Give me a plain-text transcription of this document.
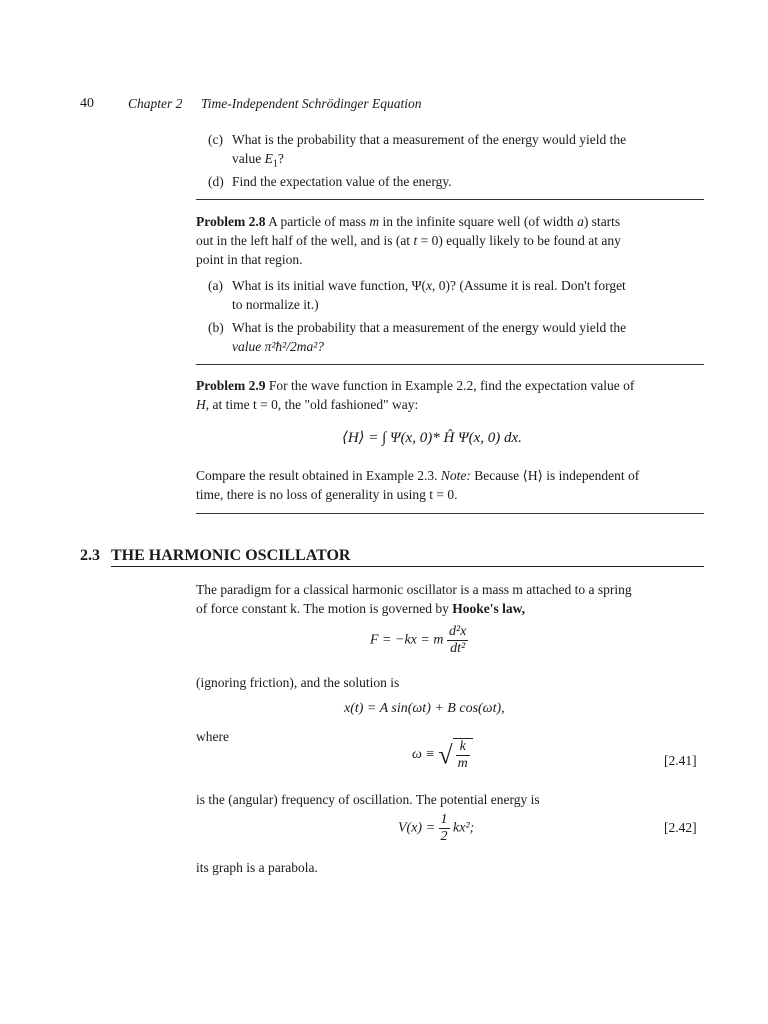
40	Chapter 2 Time-Independent Schrödinger Equation
(c) What is the probability that a measurement of the energy would yield the
value $E_1$?
(d) Find the expectation value of the energy.
Problem 2.8 A particle of mass m in the infinite square well (of width a) starts
out in the left half of the well, and is (at t = 0) equally likely to be found at any
point in that region.
(a) What is its initial wave function, Ψ(x, 0)? (Assume it is real. Don't forget
to normalize it.)
(b) What is the probability that a measurement of the energy would yield the
value π²ħ²/2ma²?
Problem 2.9 For the wave function in Example 2.2, find the expectation value of
H, at time t = 0, the "old fashioned" way:
⟨H⟩ = ∫ Ψ(x, 0)* Ĥ Ψ(x, 0) dx.
Compare the result obtained in Example 2.3. Note: Because ⟨H⟩ is independent of
time, there is no loss of generality in using t = 0.
2.3 THE HARMONIC OSCILLATOR
The paradigm for a classical harmonic oscillator is a mass m attached to a spring
of force constant k. The motion is governed by Hooke's law,
F = −kx = m $\frac{\text{d²x}}{\text{dt²}}$
(ignoring friction), and the solution is
x(t) = A sin(ωt) + B cos(ωt),
where
ω ≡ √ $\frac{k}{m}$	[2.41]
is the (angular) frequency of oscillation. The potential energy is
$V(x) = \frac{1}{2} kx^2$;	[2.42]
its graph is a parabola.
